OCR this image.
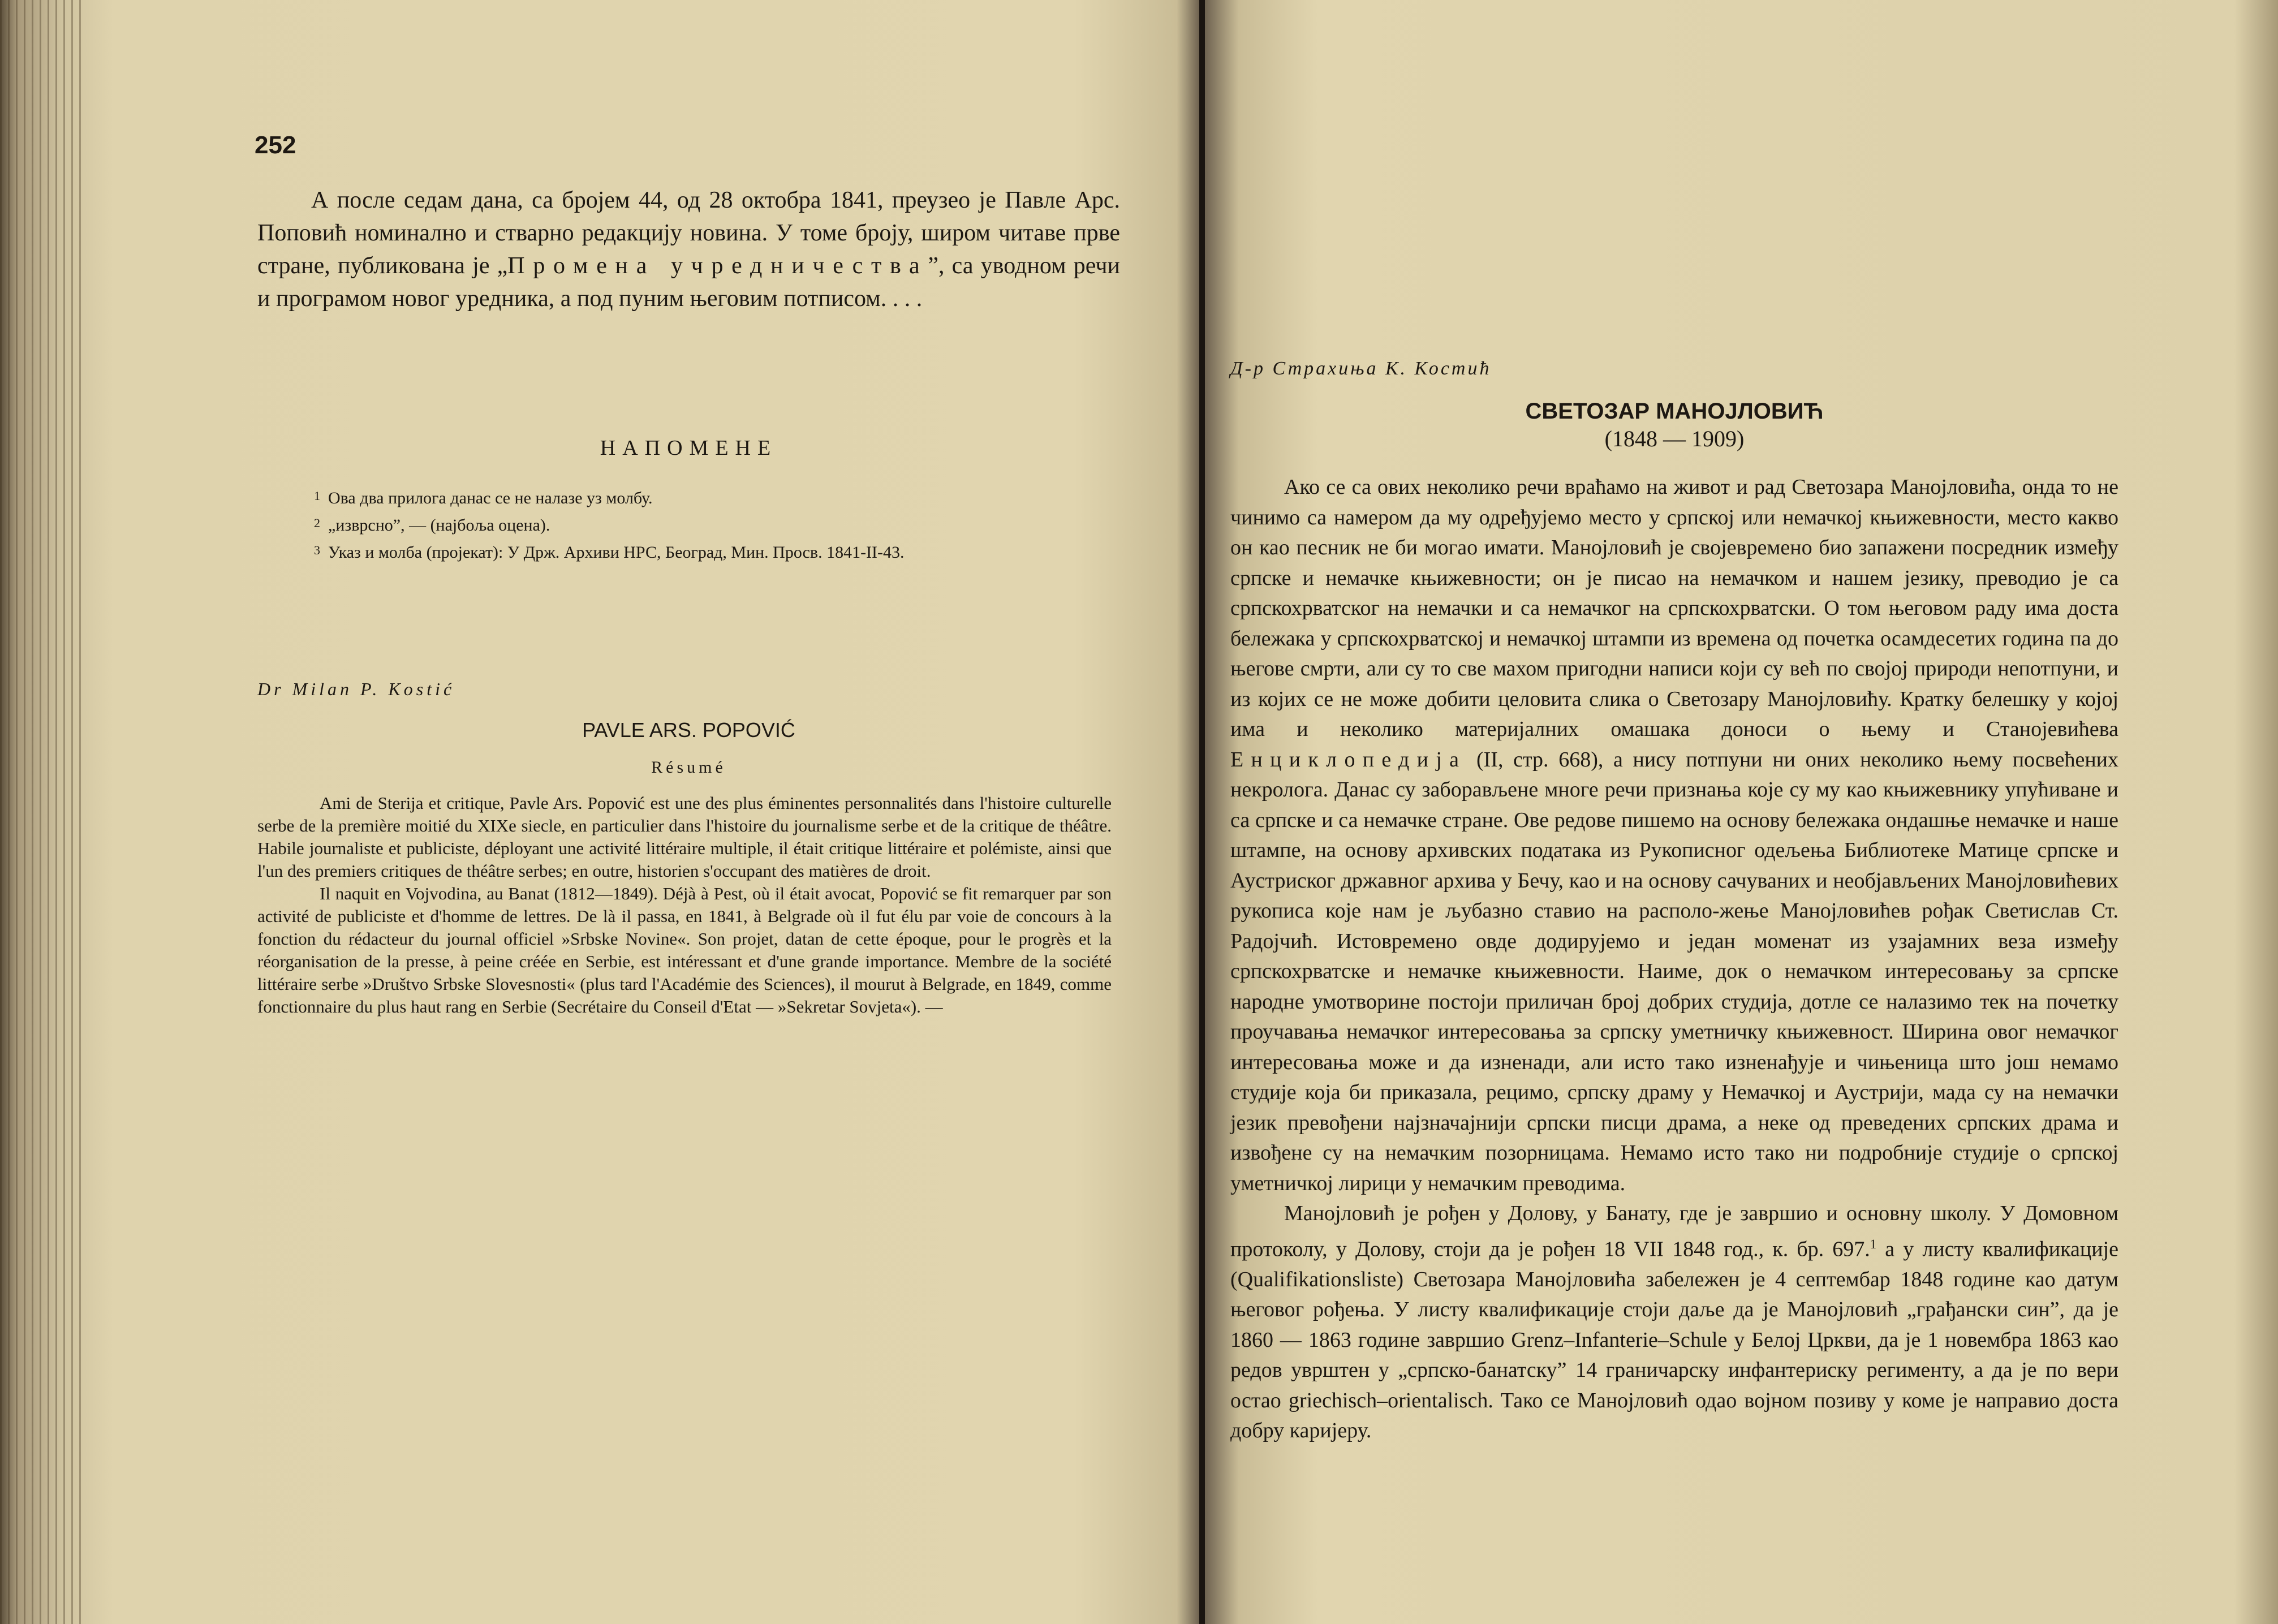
252

А после седам дана, са бројем 44, од 28 октобра 1841, преузео је Павле Арс. Поповић номинално и стварно редакцију новина. У томе броју, широм читаве прве стране, публикована је „Промена учредничества”, са уводном речи и програмом новог уредника, а под пуним његовим потписом. . . .

НАПОМЕНЕ
$^1$ Ова два прилога данас се не налазе уз молбу.
$^2$ „изврсно”, — (најбоља оцена).
$^3$ Указ и молба (пројекат): У Држ. Архиви НРС, Београд, Мин. Просв. 1841-II-43.
Dr Milan P. Kostić
PAVLE ARS. POPOVIĆ
Résumé

Ami de Sterija et critique, Pavle Ars. Popović est une des plus éminentes personnalités dans l'histoire culturelle serbe de la première moitié du XIXe siecle, en particulier dans l'histoire du journalisme serbe et de la critique de théâtre. Habile journaliste et publiciste, déployant une activité littéraire multiple, il était critique littéraire et polémiste, ainsi que l'un des premiers critiques de théâtre serbes; en outre, historien s'occupant des matières de droit.

Il naquit en Vojvodina, au Banat (1812—1849). Déjà à Pest, où il était avocat, Popović se fit remarquer par son activité de publiciste et d'homme de lettres. De là il passa, en 1841, à Belgrade où il fut élu par voie de concours à la fonction du rédacteur du journal officiel »Srbske Novine«. Son projet, datan de cette époque, pour le progrès et la réorganisation de la presse, à peine créée en Serbie, est intéressant et d'une grande importance. Membre de la société littéraire serbe »Društvo Srbske Slovesnosti« (plus tard l'Académie des Sciences), il mourut à Belgrade, en 1849, comme fonctionnaire du plus haut rang en Serbie (Secrétaire du Conseil d'Etat — »Sekretar Sovjeta«). —

Д-р Страхиња К. Костић
СВЕТОЗАР МАНОЈЛОВИЋ
(1848 — 1909)

Ако се са ових неколико речи враћамо на живот и рад Светозара Манојловића, онда то не чинимо са намером да му одређујемо место у српској или немачкој књижевности, место какво он као песник не би могао имати. Манојловић је својевремено био запажени посредник између српске и немачке књижевности; он је писао на немачком и нашем језику, преводио је са српскохрватског на немачки и са немачког на српскохрватски. О том његовом раду има доста бележака у српскохрватској и немачкој штампи из времена од почетка осамдесетих година па до његове смрти, али су то све махом пригодни написи који су већ по својој природи непотпуни, и из којих се не може добити целовита слика о Светозару Манојловићу. Кратку белешку у којој има и неколико материјалних омашака доноси о њему и Станојевићева Енциклопедија (II, стр. 668), а нису потпуни ни оних неколико њему посвећених некролога. Данас су заборављене многе речи признања које су му као књижевнику упућиване и са српске и са немачке стране. Ове редове пишемо на основу бележака ондашње немачке и наше штампе, на основу архивских података из Рукописног одељења Библиотеке Матице српске и Аустриског државног архива у Бечу, као и на основу сачуваних и необјављених Манојловићевих рукописа које нам је љубазно ставио на располо-жење Манојловићев рођак Светислав Ст. Радојчић. Истовремено овде додирујемо и један моменат из узајамних веза између српскохрватске и немачке књижевности. Наиме, док о немачком интересовању за српске народне умотворине постоји приличан број добрих студија, дотле се налазимо тек на почетку проучавања немачког интересовања за српску уметничку књижевност. Ширина овог немачког интересовања може и да изненади, али исто тако изненађује и чињеница што још немамо студије која би приказала, рецимо, српску драму у Немачкој и Аустрији, мада су на немачки језик превођени најзначајнији српски писци драма, а неке од преведених српских драма и извођене су на немачким позорницама. Немамо исто тако ни подробније студије о српској уметничкој лирици у немачким преводима.

Манојловић је рођен у Долову, у Банату, где је завршио и основну школу. У Домовном протоколу, у Долову, стоји да је рођен 18 VII 1848 год., к. бр. 697.$^1$ а у листу квалификације (Qualifikationsliste) Светозара Манојловића забележен је 4 септембар 1848 године као датум његовог рођења. У листу квалификације стоји даље да је Манојловић „грађански син”, да је 1860 — 1863 године завршио Grenz–Infanterie–Schule у Белој Цркви, да је 1 новембра 1863 као редов уврштен у „српско-банатску” 14 граничарску инфантериску регименту, а да је по вери остао griechisch–orientalisch. Тако се Манојловић одао војном позиву у коме је направио доста добру каријеру.
